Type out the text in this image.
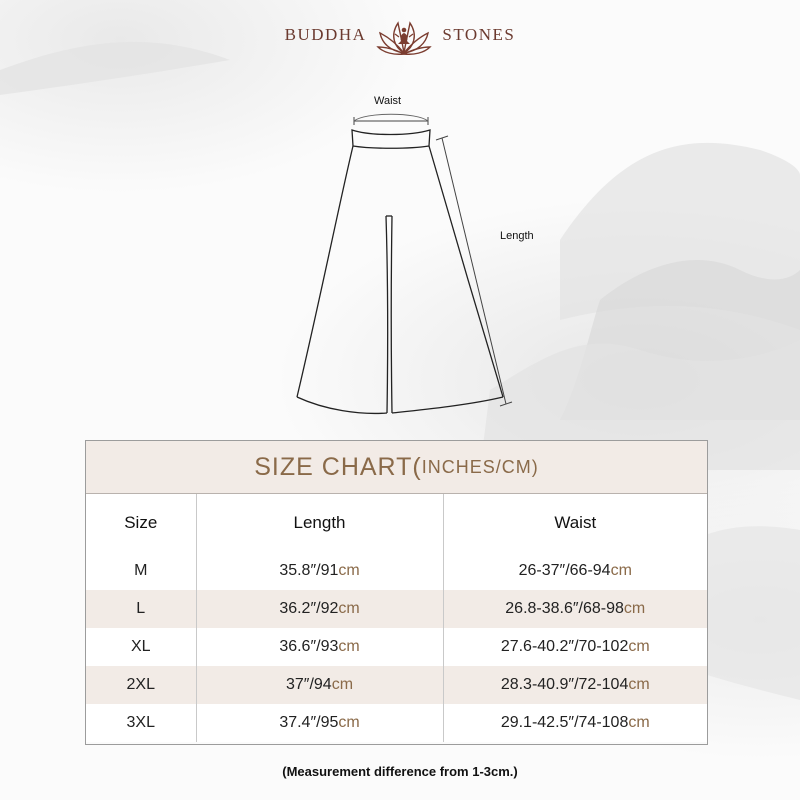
BUDDHA	STONES
Waist
Length
SIZE CHART( INCHES/CM)
Size	Length	Waist
M	35.8″/91cm	26-37″/66-94cm
L	36.2″/92cm	26.8-38.6″/68-98cm
XL	36.6″/93cm	27.6-40.2″/70-102cm
2XL	37″/94cm	28.3-40.9″/72-104cm
3XL	37.4″/95cm	29.1-42.5″/74-108cm
(Measurement difference from 1-3cm.)
